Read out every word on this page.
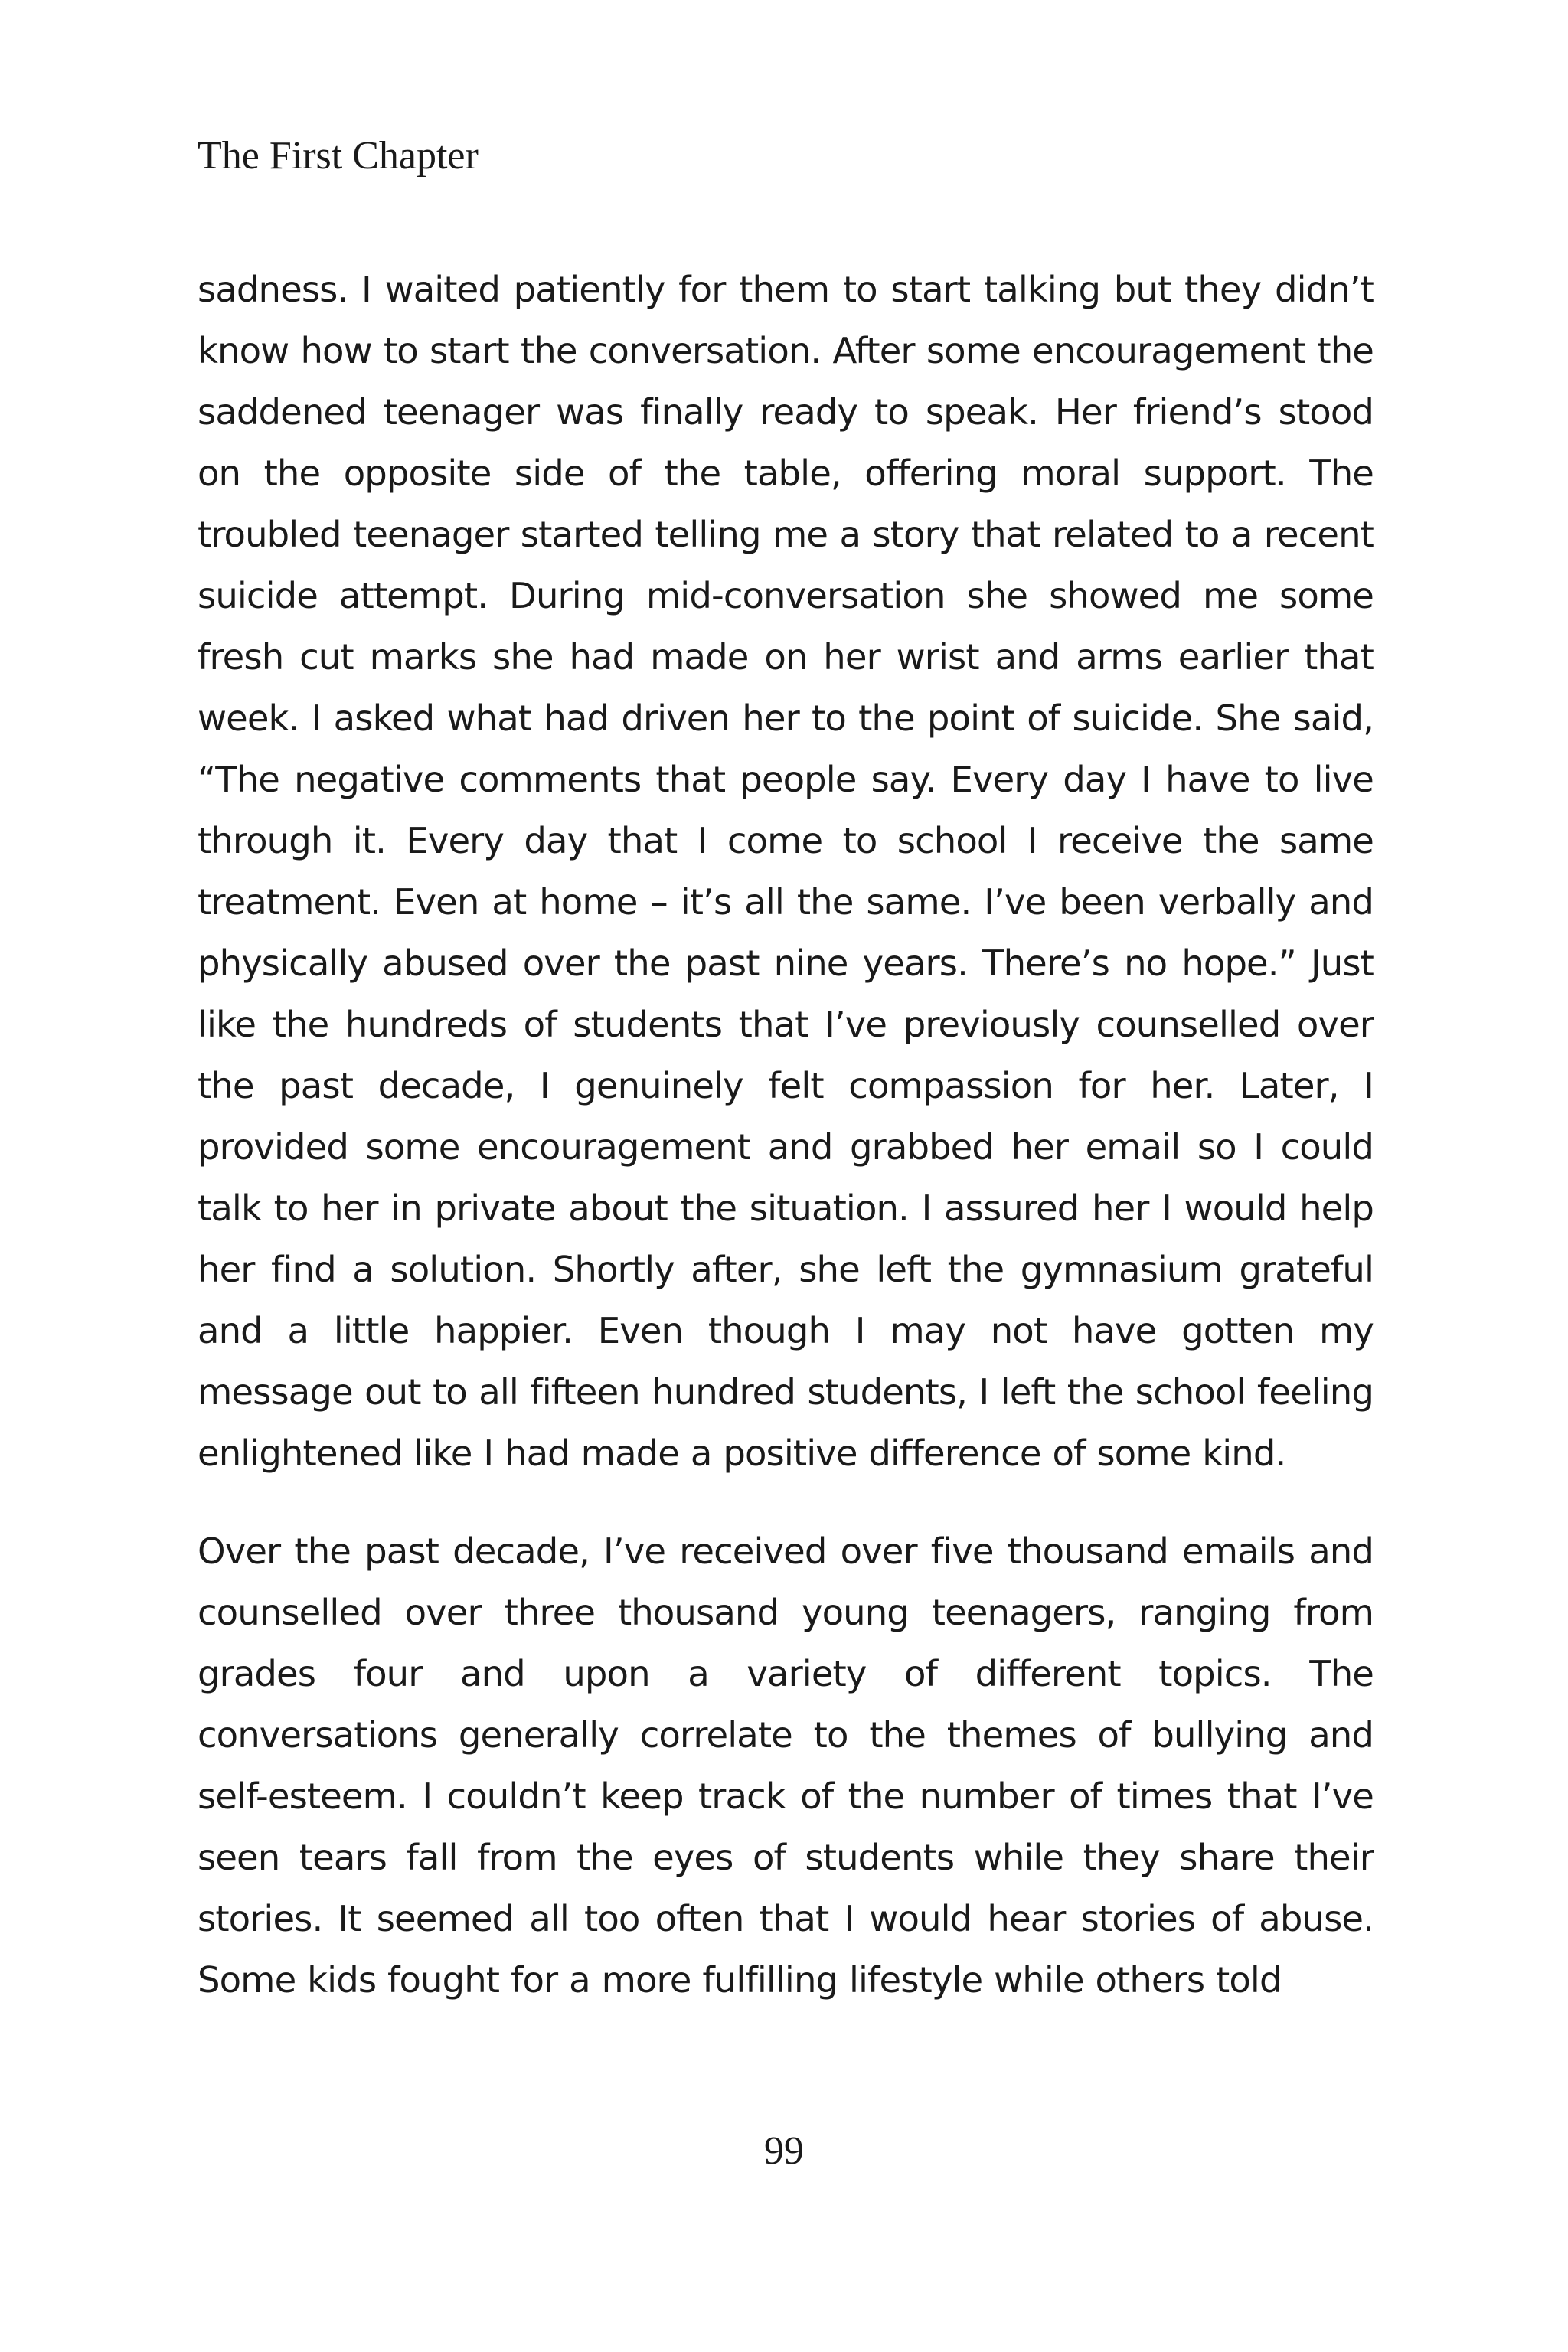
The First Chapter

sadness. I waited patiently for them to start talking but they didn’t know how to start the conversation. After some encouragement the saddened teenager was finally ready to speak. Her friend’s stood on the opposite side of the table, offering moral support. The troubled teenager started telling me a story that related to a recent suicide attempt. During mid-conversation she showed me some fresh cut marks she had made on her wrist and arms earlier that week. I asked what had driven her to the point of suicide. She said, “The negative comments that people say. Every day I have to live through it. Every day that I come to school I receive the same treatment. Even at home – it’s all the same. I’ve been verbally and physically abused over the past nine years. There’s no hope.” Just like the hundreds of students that I’ve previously counselled over the past decade, I genuinely felt compassion for her. Later, I provided some encouragement and grabbed her email so I could talk to her in private about the situation. I assured her I would help her find a solution. Shortly after, she left the gymnasium grateful and a little happier. Even though I may not have gotten my message out to all fifteen hundred students, I left the school feeling enlightened like I had made a positive difference of some kind.

Over the past decade, I’ve received over five thousand emails and counselled over three thousand young teenagers, ranging from grades four and upon a variety of different topics. The conversations generally correlate to the themes of bullying and self-esteem. I couldn’t keep track of the number of times that I’ve seen tears fall from the eyes of students while they share their stories. It seemed all too often that I would hear stories of abuse. Some kids fought for a more fulfilling lifestyle while others told

99
